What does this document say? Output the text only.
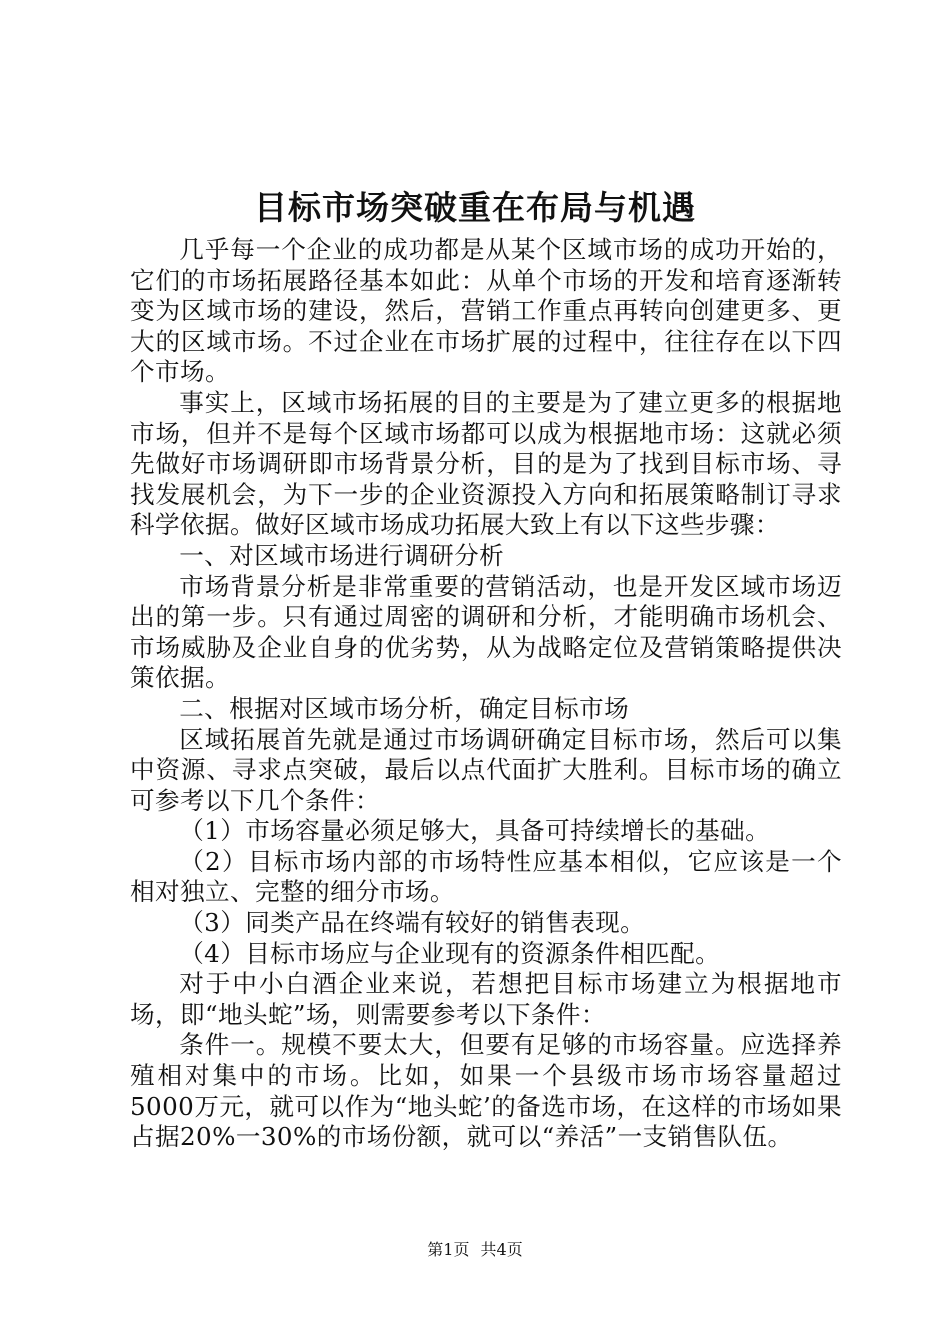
目标市场突破重在布局与机遇

几乎每一个企业的成功都是从某个区域市场的成功开始的，它们的市场拓展路径基本如此：从单个市场的开发和培育逐渐转变为区域市场的建设，然后，营销工作重点再转向创建更多、更大的区域市场。不过企业在市场扩展的过程中，往往存在以下四个市场。

事实上，区域市场拓展的目的主要是为了建立更多的根据地市场，但并不是每个区域市场都可以成为根据地市场：这就必须先做好市场调研即市场背景分析，目的是为了找到目标市场、寻找发展机会，为下一步的企业资源投入方向和拓展策略制订寻求科学依据。做好区域市场成功拓展大致上有以下这些步骤：

一、对区域市场进行调研分析

市场背景分析是非常重要的营销活动，也是开发区域市场迈出的第一步。只有通过周密的调研和分析，才能明确市场机会、市场威胁及企业自身的优劣势，从为战略定位及营销策略提供决策依据。

二、根据对区域市场分析，确定目标市场

区域拓展首先就是通过市场调研确定目标市场，然后可以集中资源、寻求点突破，最后以点代面扩大胜利。目标市场的确立可参考以下几个条件：

（1）市场容量必须足够大，具备可持续增长的基础。

（2）目标市场内部的市场特性应基本相似，它应该是一个相对独立、完整的细分市场。

（3）同类产品在终端有较好的销售表现。

（4）目标市场应与企业现有的资源条件相匹配。

对于中小白酒企业来说，若想把目标市场建立为根据地市场，即“地头蛇”场，则需要参考以下条件：

条件一。规模不要太大，但要有足够的市场容量。应选择养殖相对集中的市场。比如，如果一个县级市场市场容量超过5000万元，就可以作为“地头蛇’的备选市场，在这样的市场如果占据20%一30%的市场份额，就可以“养活”一支销售队伍。

第1页 共4页
